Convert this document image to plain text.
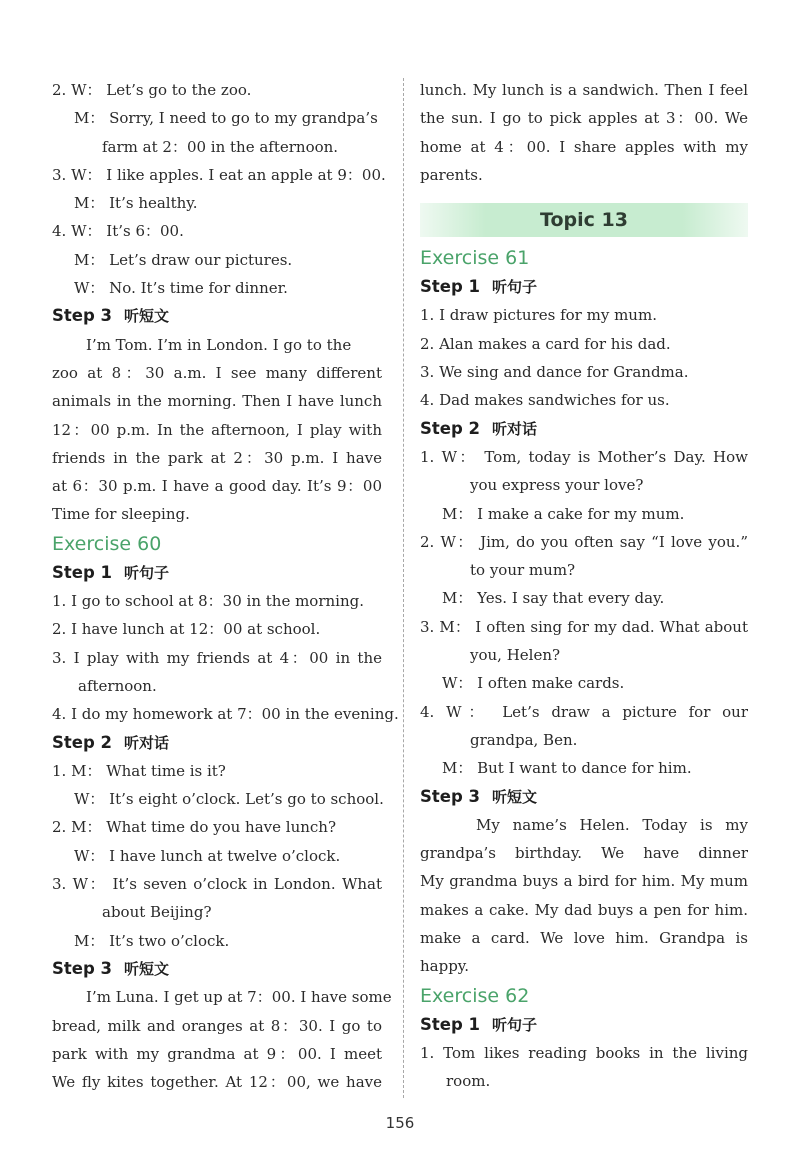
2. W： Let’s go to the zoo.
M： Sorry, I need to go to my grandpa’s
farm at 2：00 in the afternoon.
3. W： I like apples. I eat an apple at 9：00.
M： It’s healthy.
4. W： It’s 6：00.
M： Let’s draw our pictures.
W： No. It’s time for dinner.
Step 3 听短文
I’m Tom. I’m in London. I go to the
zoo at 8：30 a.m. I see many different
animals in the morning. Then I have lunch
12：00 p.m. In the afternoon, I play with
friends in the park at 2：30 p.m. I have
at 6：30 p.m. I have a good day. It’s 9：00
Time for sleeping.
Exercise 60
Step 1 听句子
1. I go to school at 8：30 in the morning.
2. I have lunch at 12：00 at school.
3. I play with my friends at 4：00 in the
afternoon.
4. I do my homework at 7：00 in the evening.
Step 2 听对话
1. M： What time is it?
W： It’s eight o’clock. Let’s go to school.
2. M： What time do you have lunch?
W： I have lunch at twelve o’clock.
3. W： It’s seven o’clock in London. What
about Beijing?
M： It’s two o’clock.
Step 3 听短文
I’m Luna. I get up at 7：00. I have some
bread, milk and oranges at 8：30. I go to
park with my grandma at 9：00. I meet
We fly kites together. At 12：00, we have
lunch. My lunch is a sandwich. Then I feel
the sun. I go to pick apples at 3：00. We
home at 4：00. I share apples with my
parents.
Topic 13
Exercise 61
Step 1 听句子
1. I draw pictures for my mum.
2. Alan makes a card for his dad.
3. We sing and dance for Grandma.
4. Dad makes sandwiches for us.
Step 2 听对话
1. W： Tom, today is Mother’s Day. How
you express your love?
M： I make a cake for my mum.
2. W： Jim, do you often say “I love you.”
to your mum?
M： Yes. I say that every day.
3. M： I often sing for my dad. What about
you, Helen?
W： I often make cards.
4. W： Let’s draw a picture for our
grandpa, Ben.
M： But I want to dance for him.
Step 3 听短文
My name’s Helen. Today is my
grandpa’s birthday. We have dinner
My grandma buys a bird for him. My mum
makes a cake. My dad buys a pen for him.
make a card. We love him. Grandpa is
happy.
Exercise 62
Step 1 听句子
1. Tom likes reading books in the living
room.
156
